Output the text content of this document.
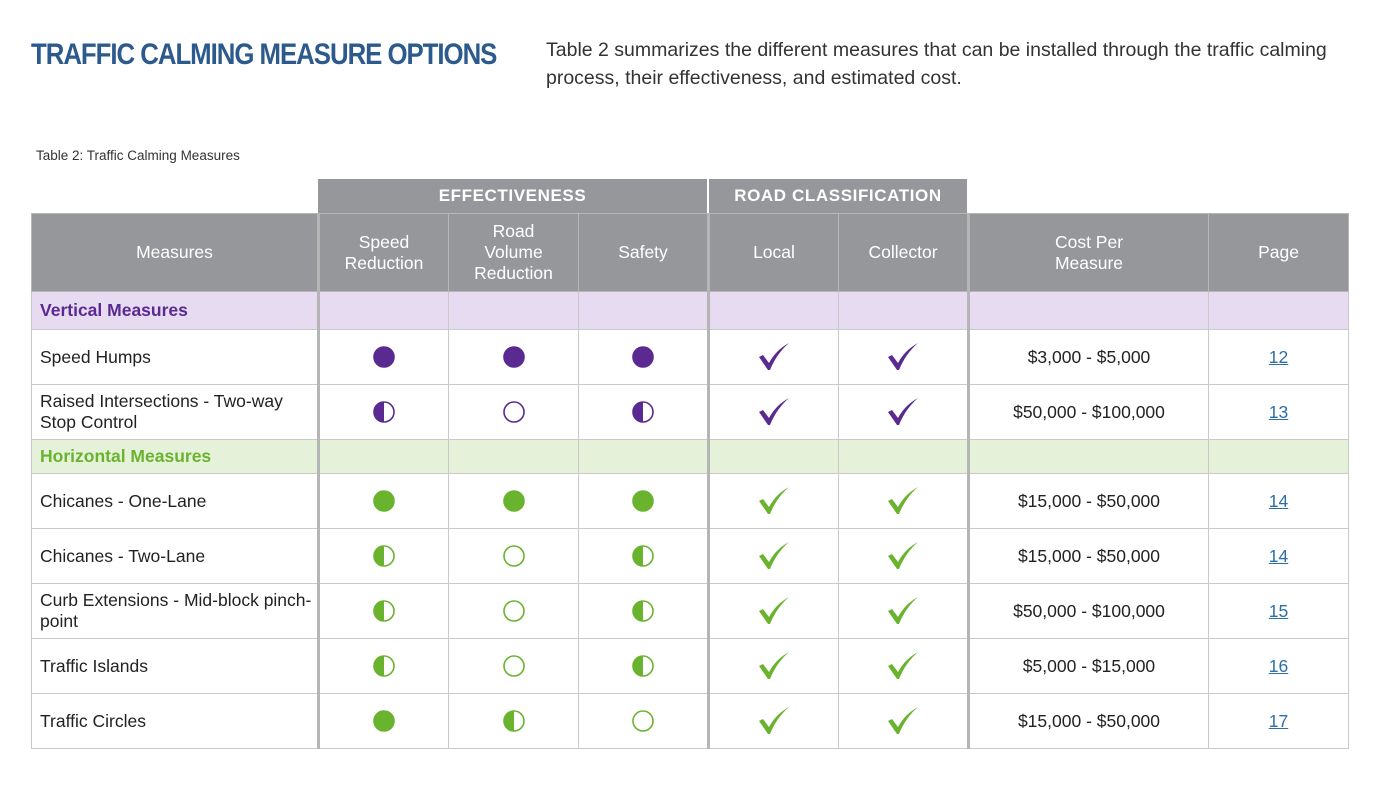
TRAFFIC CALMING MEASURE OPTIONS	Table 2 summarizes the different measures that can be installed through the traffic calming process, their effectiveness, and estimated cost.

Table 2: Traffic Calming Measures
EFFECTIVENESS	ROAD CLASSIFICATION
Measures	Speed Reduction	Road Volume Reduction	Safety	Local	Collector	Cost Per Measure	Page
Vertical Measures							
Speed Humps						$3,000 - $5,000	12
Raised Intersections - Two-way Stop Control						$50,000 - $100,000	13
Horizontal Measures							
Chicanes - One-Lane						$15,000 - $50,000	14
Chicanes - Two-Lane						$15,000 - $50,000	14
Curb Extensions - Mid-block pinch-point						$50,000 - $100,000	15
Traffic Islands						$5,000 - $15,000	16
Traffic Circles						$15,000 - $50,000	17
